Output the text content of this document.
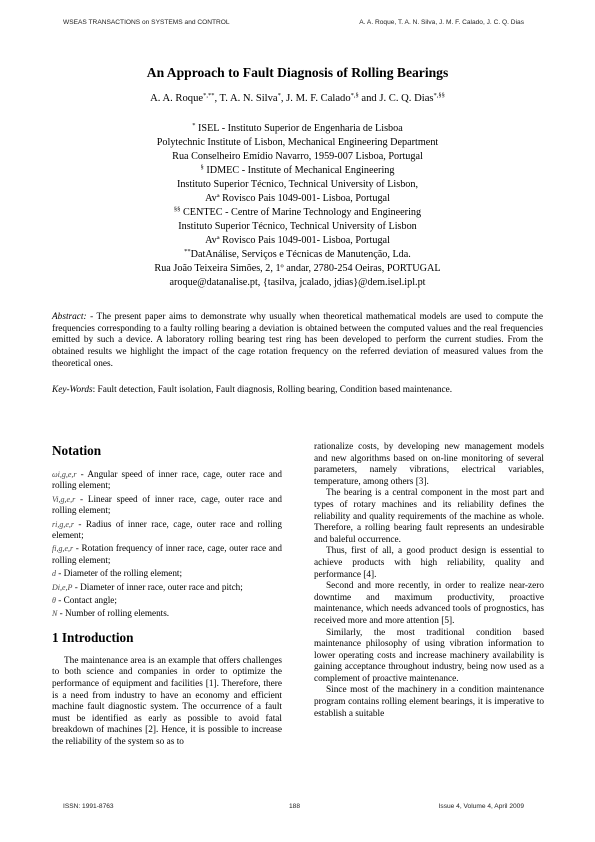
WSEAS TRANSACTIONS on SYSTEMS and CONTROL	A. A. Roque, T. A. N. Silva, J. M. F. Calado, J. C. Q. Dias
An Approach to Fault Diagnosis of Rolling Bearings
A. A. Roque*,**, T. A. N. Silva*, J. M. F. Calado*,§ and J. C. Q. Dias*,§§
* ISEL - Instituto Superior de Engenharia de Lisboa
Polytechnic Institute of Lisbon, Mechanical Engineering Department
Rua Conselheiro Emídio Navarro, 1959-007 Lisboa, Portugal
§ IDMEC - Institute of Mechanical Engineering
Instituto Superior Técnico, Technical University of Lisbon,
Avª Rovisco Pais 1049-001- Lisboa, Portugal
§§ CENTEC - Centre of Marine Technology and Engineering
Instituto Superior Técnico, Technical University of Lisbon
Avª Rovisco Pais 1049-001- Lisboa, Portugal
**DatAnálise, Serviços e Técnicas de Manutenção, Lda.
Rua João Teixeira Simões, 2, 1º andar, 2780-254 Oeiras, PORTUGAL
aroque@datanalise.pt, {tasilva, jcalado, jdias}@dem.isel.ipl.pt
Abstract: - The present paper aims to demonstrate why usually when theoretical mathematical models are used to compute the frequencies corresponding to a faulty rolling bearing a deviation is obtained between the computed values and the real frequencies emitted by such a device. A laboratory rolling bearing test ring has been developed to perform the current studies. From the obtained results we highlight the impact of the cage rotation frequency on the referred deviation of measured values from the theoretical ones.
Key-Words: Fault detection, Fault isolation, Fault diagnosis, Rolling bearing, Condition based maintenance.
Notation
ωi,g,e,r - Angular speed of inner race, cage, outer race and rolling element;
Vi,g,e,r - Linear speed of inner race, cage, outer race and rolling element;
ri,g,e,r - Radius of inner race, cage, outer race and rolling element;
fi,g,e,r - Rotation frequency of inner race, cage, outer race and rolling element;
d - Diameter of the rolling element;
Di,e,P - Diameter of inner race, outer race and pitch;
θ - Contact angle;
N - Number of rolling elements.
1 Introduction

The maintenance area is an example that offers challenges to both science and companies in order to optimize the performance of equipment and facilities [1]. Therefore, there is a need from industry to have an economy and efficient machine fault diagnostic system. The occurrence of a fault must be identified as early as possible to avoid fatal breakdown of machines [2]. Hence, it is possible to increase the reliability of the system so as to

rationalize costs, by developing new management models and new algorithms based on on-line monitoring of several parameters, namely vibrations, electrical variables, temperature, among others [3].

The bearing is a central component in the most part and types of rotary machines and its reliability defines the reliability and quality requirements of the machine as whole. Therefore, a rolling bearing fault represents an undesirable and baleful occurrence.

Thus, first of all, a good product design is essential to achieve products with high reliability, quality and performance [4].

Second and more recently, in order to realize near-zero downtime and maximum productivity, proactive maintenance, which needs advanced tools of prognostics, has received more and more attention [5].

Similarly, the most traditional condition based maintenance philosophy of using vibration information to lower operating costs and increase machinery availability is gaining acceptance throughout industry, being now used as a complement of proactive maintenance.

Since most of the machinery in a condition maintenance program contains rolling element bearings, it is imperative to establish a suitable

ISSN: 1991-8763	188	Issue 4, Volume 4, April 2009
